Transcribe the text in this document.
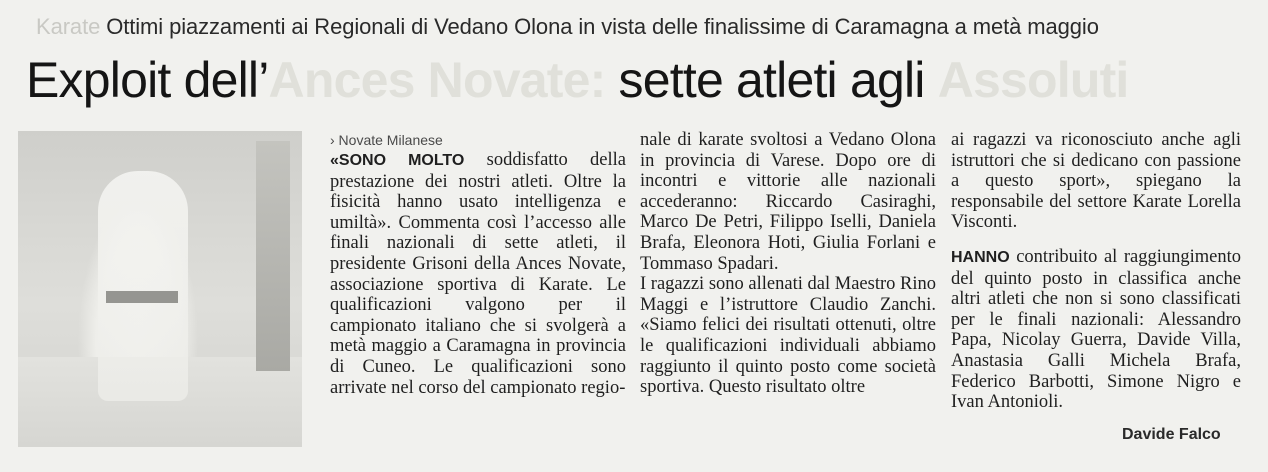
Karate Ottimi piazzamenti ai Regionali di Vedano Olona in vista delle finalissime di Caramagna a metà maggio
Exploit dell’Ances Novate: sette atleti agli Assoluti
› Novate Milanese

«SONO MOLTO soddisfatto della prestazione dei nostri atleti. Oltre la fisicità hanno usato intelligenza e umiltà». Commenta così l’accesso alle finali nazionali di sette atleti, il presidente Grisoni della Ances Novate, associazione sportiva di Karate. Le qualificazioni valgono per il campionato italiano che si svolgerà a metà maggio a Caramagna in provincia di Cuneo. Le qualificazioni sono arrivate nel corso del campionato regio-

nale di karate svoltosi a Vedano Olona in provincia di Varese. Dopo ore di incontri e vittorie alle nazionali accederanno: Riccardo Casiraghi, Marco De Petri, Filippo Iselli, Daniela Brafa, Eleonora Hoti, Giulia Forlani e Tommaso Spadari.

I ragazzi sono allenati dal Maestro Rino Maggi e l’istruttore Claudio Zanchi. «Siamo felici dei risultati ottenuti, oltre le qualificazioni individuali abbiamo raggiunto il quinto posto come società sportiva. Questo risultato oltre

ai ragazzi va riconosciuto anche agli istruttori che si dedicano con passione a questo sport», spiegano la responsabile del settore Karate Lorella Visconti.

HANNO contribuito al raggiungimento del quinto posto in classifica anche altri atleti che non si sono classificati per le finali nazionali: Alessandro Papa, Nicolay Guerra, Davide Villa, Anastasia Galli Michela Brafa, Federico Barbotti, Simone Nigro e Ivan Antonioli.

Davide Falco
